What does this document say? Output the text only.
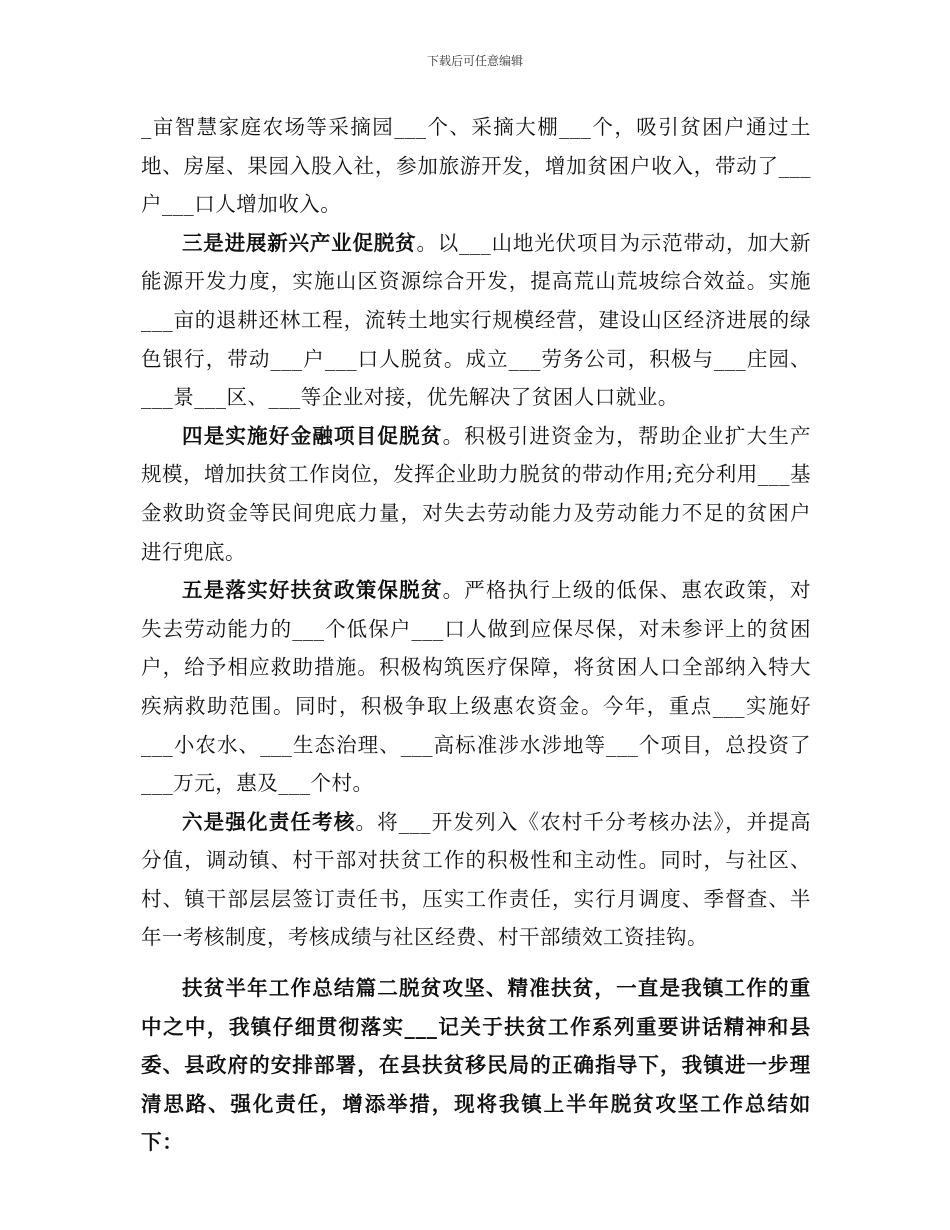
下载后可任意编辑

_亩智慧家庭农场等采摘园___个、采摘大棚___个，吸引贫困户通过土地、房屋、果园入股入社，参加旅游开发，增加贫困户收入，带动了___户___口人增加收入。

三是进展新兴产业促脱贫。以___山地光伏项目为示范带动，加大新能源开发力度，实施山区资源综合开发，提高荒山荒坡综合效益。实施___亩的退耕还林工程，流转土地实行规模经营，建设山区经济进展的绿色银行，带动___户___口人脱贫。成立___劳务公司，积极与___庄园、___景___区、___等企业对接，优先解决了贫困人口就业。

四是实施好金融项目促脱贫。积极引进资金为，帮助企业扩大生产规模，增加扶贫工作岗位，发挥企业助力脱贫的带动作用;充分利用___基金救助资金等民间兜底力量，对失去劳动能力及劳动能力不足的贫困户进行兜底。

五是落实好扶贫政策保脱贫。严格执行上级的低保、惠农政策，对失去劳动能力的___个低保户___口人做到应保尽保，对未参评上的贫困户，给予相应救助措施。积极构筑医疗保障，将贫困人口全部纳入特大疾病救助范围。同时，积极争取上级惠农资金。今年，重点___实施好___小农水、___生态治理、___高标准涉水涉地等___个项目，总投资了___万元，惠及___个村。

六是强化责任考核。将___开发列入《农村千分考核办法》，并提高分值，调动镇、村干部对扶贫工作的积极性和主动性。同时，与社区、村、镇干部层层签订责任书，压实工作责任，实行月调度、季督查、半年一考核制度，考核成绩与社区经费、村干部绩效工资挂钩。

扶贫半年工作总结篇二脱贫攻坚、精准扶贫，一直是我镇工作的重中之中，我镇仔细贯彻落实___记关于扶贫工作系列重要讲话精神和县委、县政府的安排部署，在县扶贫移民局的正确指导下，我镇进一步理清思路、强化责任，增添举措，现将我镇上半年脱贫攻坚工作总结如下：
